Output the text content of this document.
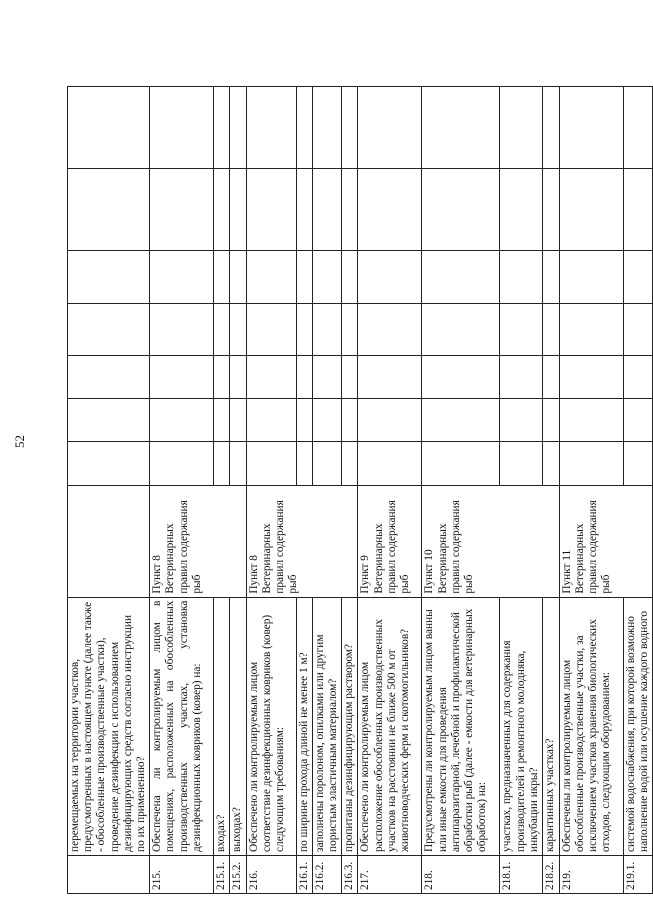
52
	перемещаемых на территории участков, предусмотренных в настоящем пункте (далее также - обособленные производственные участки), проведение дезинфекции с использованием дезинфицирующих средств согласно инструкции по их применению?								
215.	Обеспечена ли контролируемым лицом в помещениях, расположенных на обособленных производственных участках, установка дезинфекционных ковриков (ковер) на:	Пункт 8 Ветеринарных правил содержания рыб							
215.1.	входах?								
215.2.	выходах?								
216.	Обеспечено ли контролируемым лицом соответствие дезинфекционных ковриков (ковер) следующим требованиям:	Пункт 8 Ветеринарных правил содержания рыб							
216.1.	по ширине прохода длиной не менее 1 м?								
216.2.	заполнены поролоном, опилками или другим пористым эластичным материалом?								
216.3.	пропитаны дезинфицирующим раствором?								
217.	Обеспечено ли контролируемым лицом расположение обособленных производственных участков на расстоянии не ближе 500 м от животноводческих ферм и скотомогильников?	Пункт 9 Ветеринарных правил содержания рыб							
218.	Предусмотрены ли контролируемым лицом ванны или иные емкости для проведения антипаразитарной, лечебной и профилактической обработки рыб (далее - емкости для ветеринарных обработок) на:	Пункт 10 Ветеринарных правил содержания рыб							
218.1.	участках, предназначенных для содержания производителей и ремонтного молодняка, инкубации икры?								
218.2.	карантинных участках?								
219.	Обеспечены ли контролируемым лицом обособленные производственные участки, за исключением участков хранения биологических отходов, следующим оборудованием:	Пункт 11 Ветеринарных правил содержания рыб							
219.1.	системой водоснабжения, при которой возможно наполнение водой или осушение каждого водного								
